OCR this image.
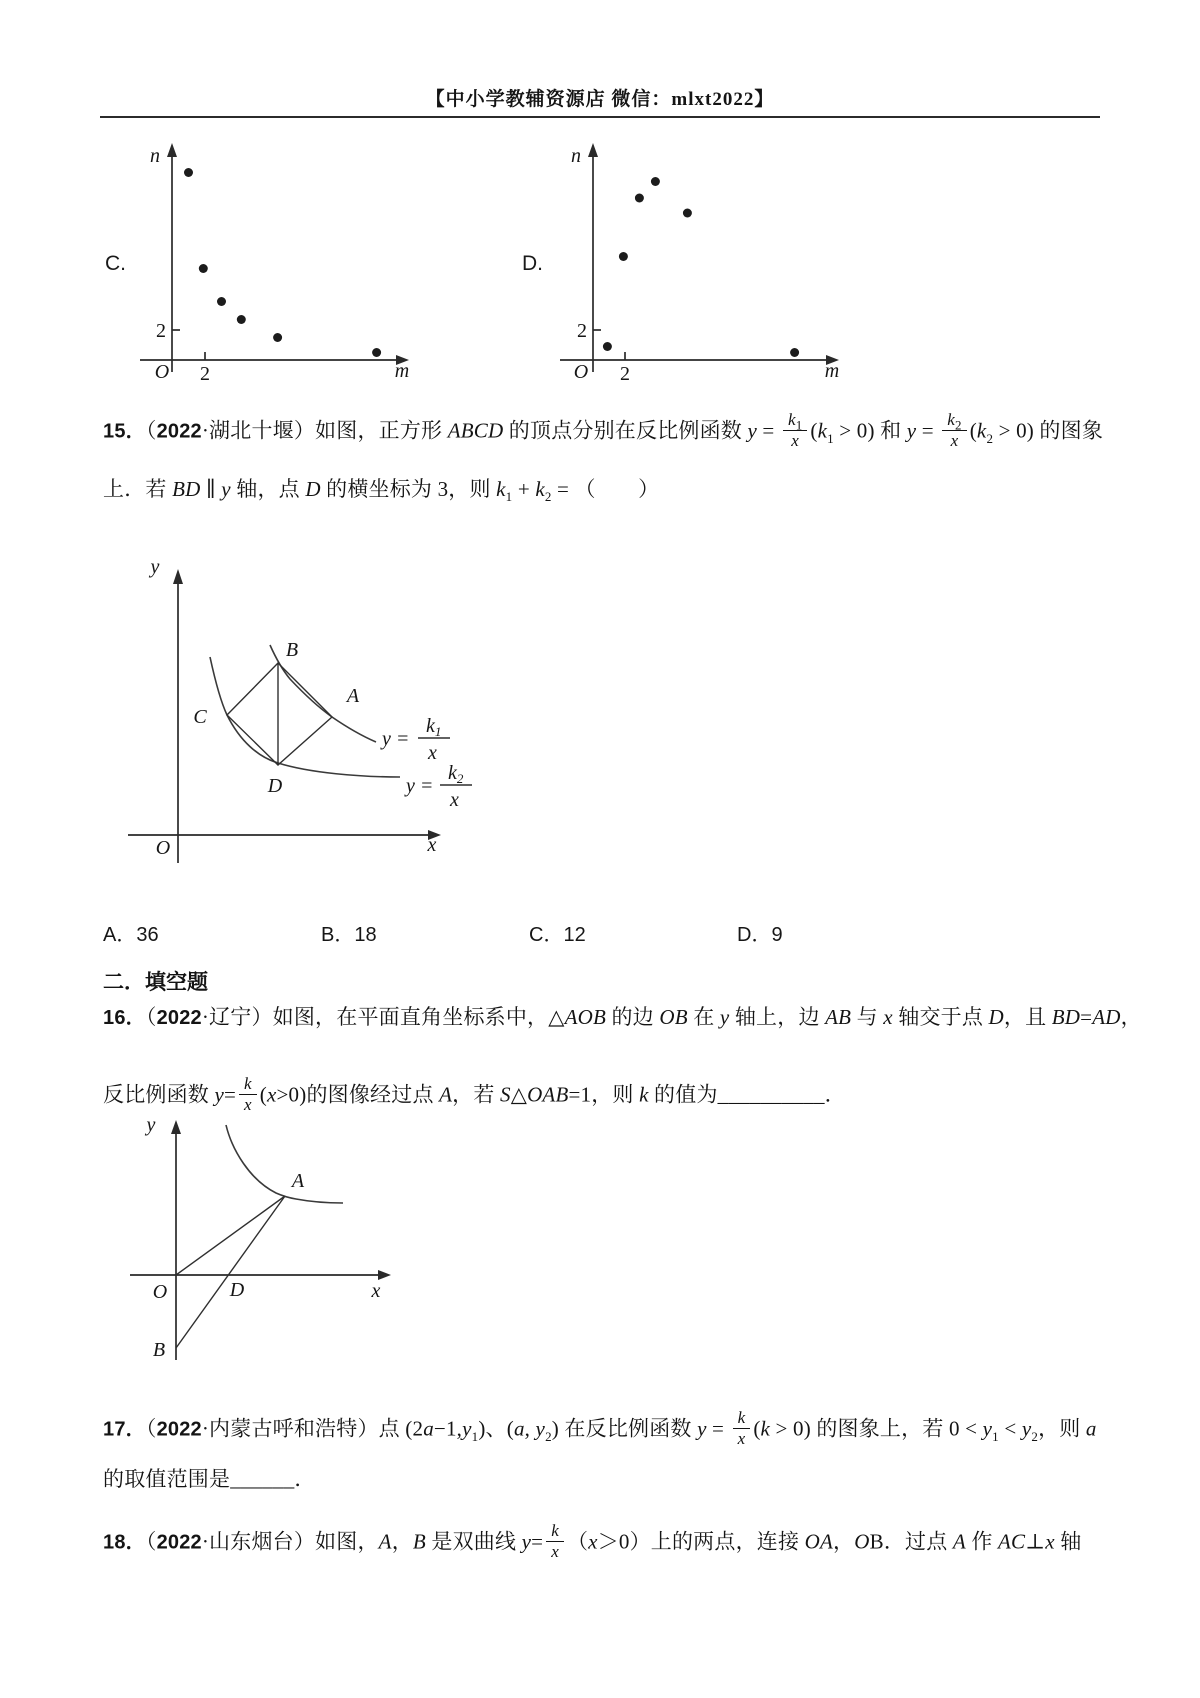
【中小学教辅资源店 微信：mlxt2022】
C.
n
m
O
2
2
D.
n
m
O
2
2
15．（2022·湖北十堰）如图，正方形 ABCD 的顶点分别在反比例函数 $y = \frac{k_1}{x} (k_1 > 0)$ 和 $y = \frac{k_2}{x} (k_2 > 0)$ 的图象
上．若 BD ∥ y 轴，点 D 的横坐标为 3，则 $k_1 + k_2$ = （　　）
y
x
O
B
A
C
D
y =
$k_1$
x
y =
$k_2$
x
A．36	B．18	C．12	D．9
二．填空题
16．（2022·辽宁）如图，在平面直角坐标系中，△AOB 的边 OB 在 y 轴上，边 AB 与 x 轴交于点 D，且 BD=AD，
反比例函数 $y= \frac{k}{x} (x>0)$的图像经过点 A，若 S△OAB=1，则 k 的值为__________．
y
x
O
A
B
D
17．（2022·内蒙古呼和浩特）点 $(2a-1,y_1)$、(a, $y_2$) 在反比例函数 $y = \frac{k}{x} (k > 0)$ 的图象上，若 $0 < y_1 < y_2$，则 a
的取值范围是______．
18．（2022·山东烟台）如图，A，B 是双曲线 $y= \frac{k}{x} (x>0)$上的两点，连接 OA，OB．过点 A 作 AC⊥x 轴
